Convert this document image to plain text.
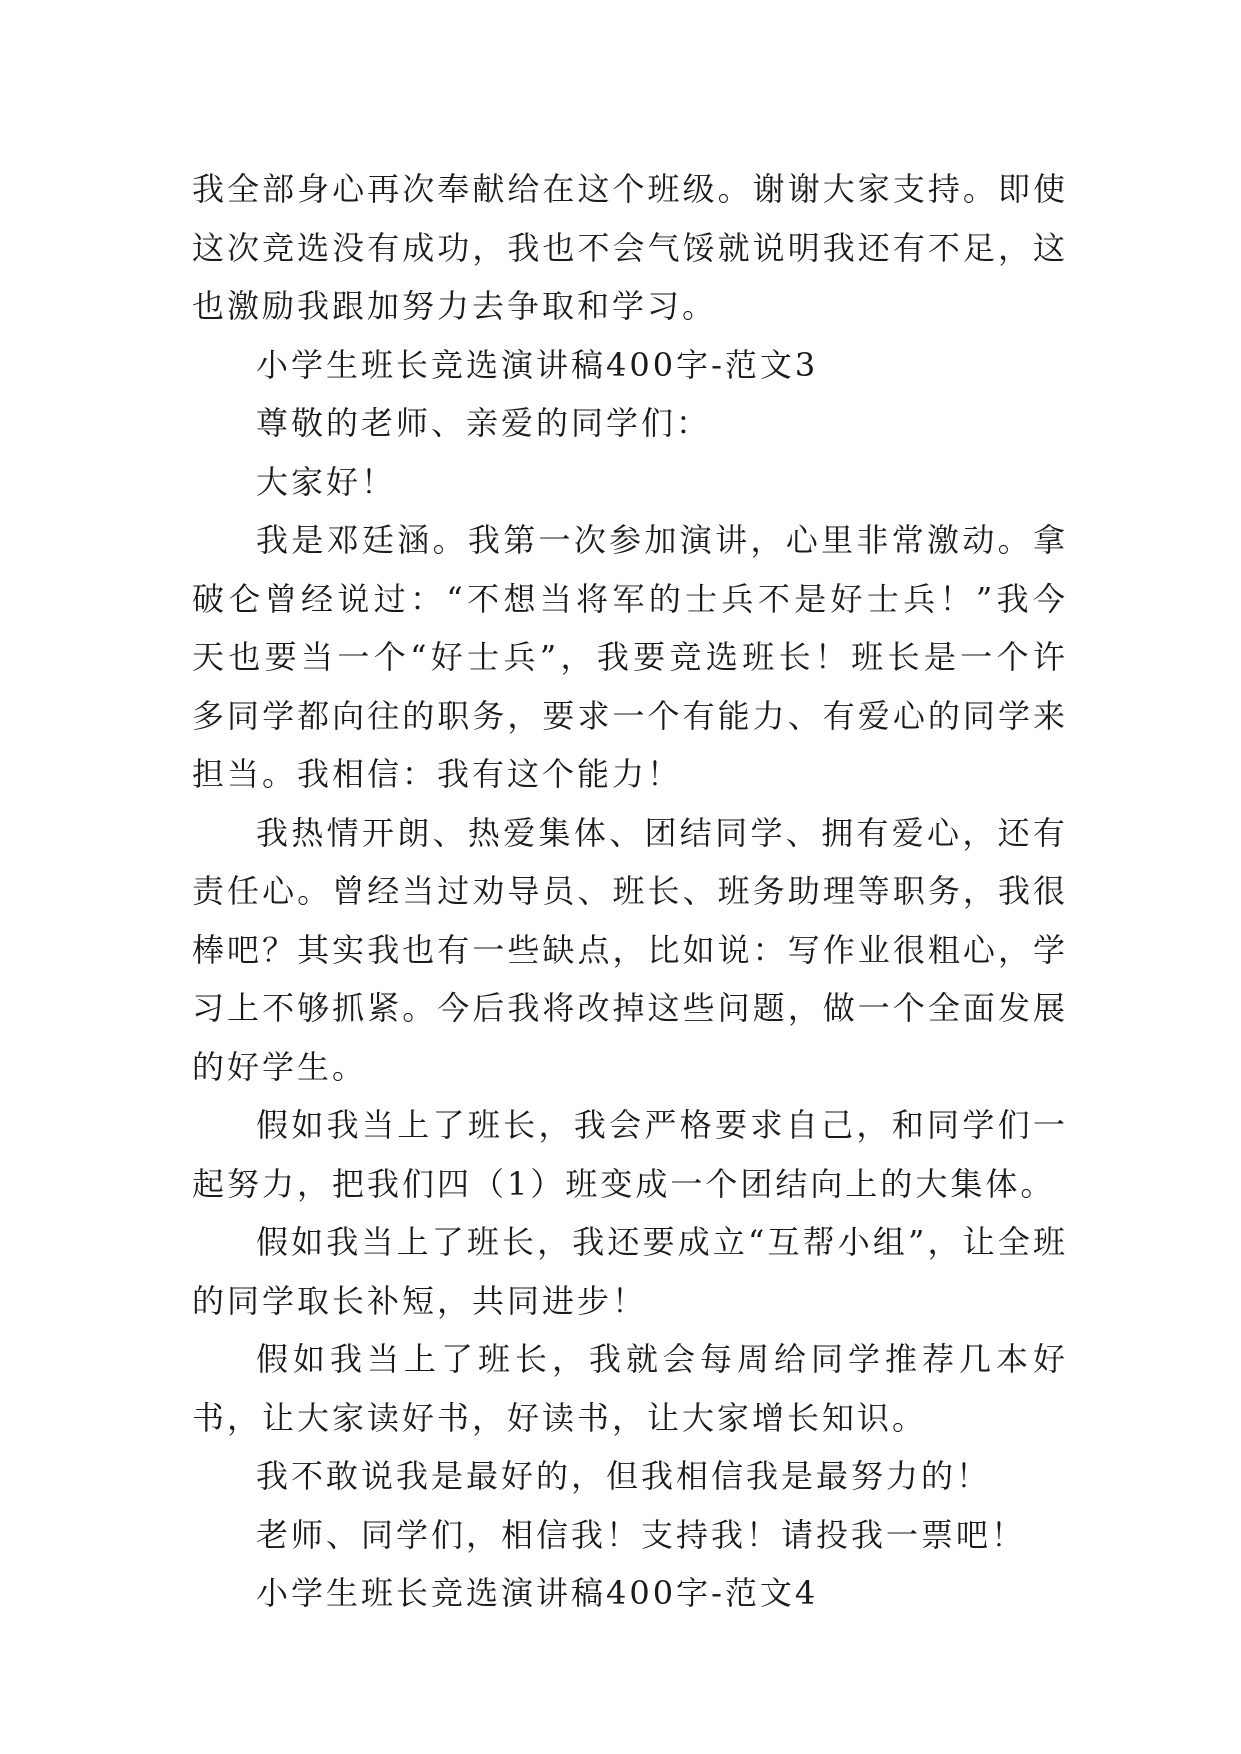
我全部身心再次奉献给在这个班级。谢谢大家支持。即使这次竞选没有成功，我也不会气馁就说明我还有不足，这也激励我跟加努力去争取和学习。

小学生班长竞选演讲稿400字-范文3

尊敬的老师、亲爱的同学们：

大家好！

我是邓廷涵。我第一次参加演讲，心里非常激动。拿破仑曾经说过：“不想当将军的士兵不是好士兵！”我今天也要当一个“好士兵”，我要竞选班长！班长是一个许多同学都向往的职务，要求一个有能力、有爱心的同学来担当。我相信：我有这个能力！

我热情开朗、热爱集体、团结同学、拥有爱心，还有责任心。曾经当过劝导员、班长、班务助理等职务，我很棒吧？其实我也有一些缺点，比如说：写作业很粗心，学习上不够抓紧。今后我将改掉这些问题，做一个全面发展的好学生。

假如我当上了班长，我会严格要求自己，和同学们一起努力，把我们四（1）班变成一个团结向上的大集体。

假如我当上了班长，我还要成立“互帮小组”，让全班的同学取长补短，共同进步！

假如我当上了班长，我就会每周给同学推荐几本好书，让大家读好书，好读书，让大家增长知识。

我不敢说我是最好的，但我相信我是最努力的！

老师、同学们，相信我！支持我！请投我一票吧！

小学生班长竞选演讲稿400字-范文4
